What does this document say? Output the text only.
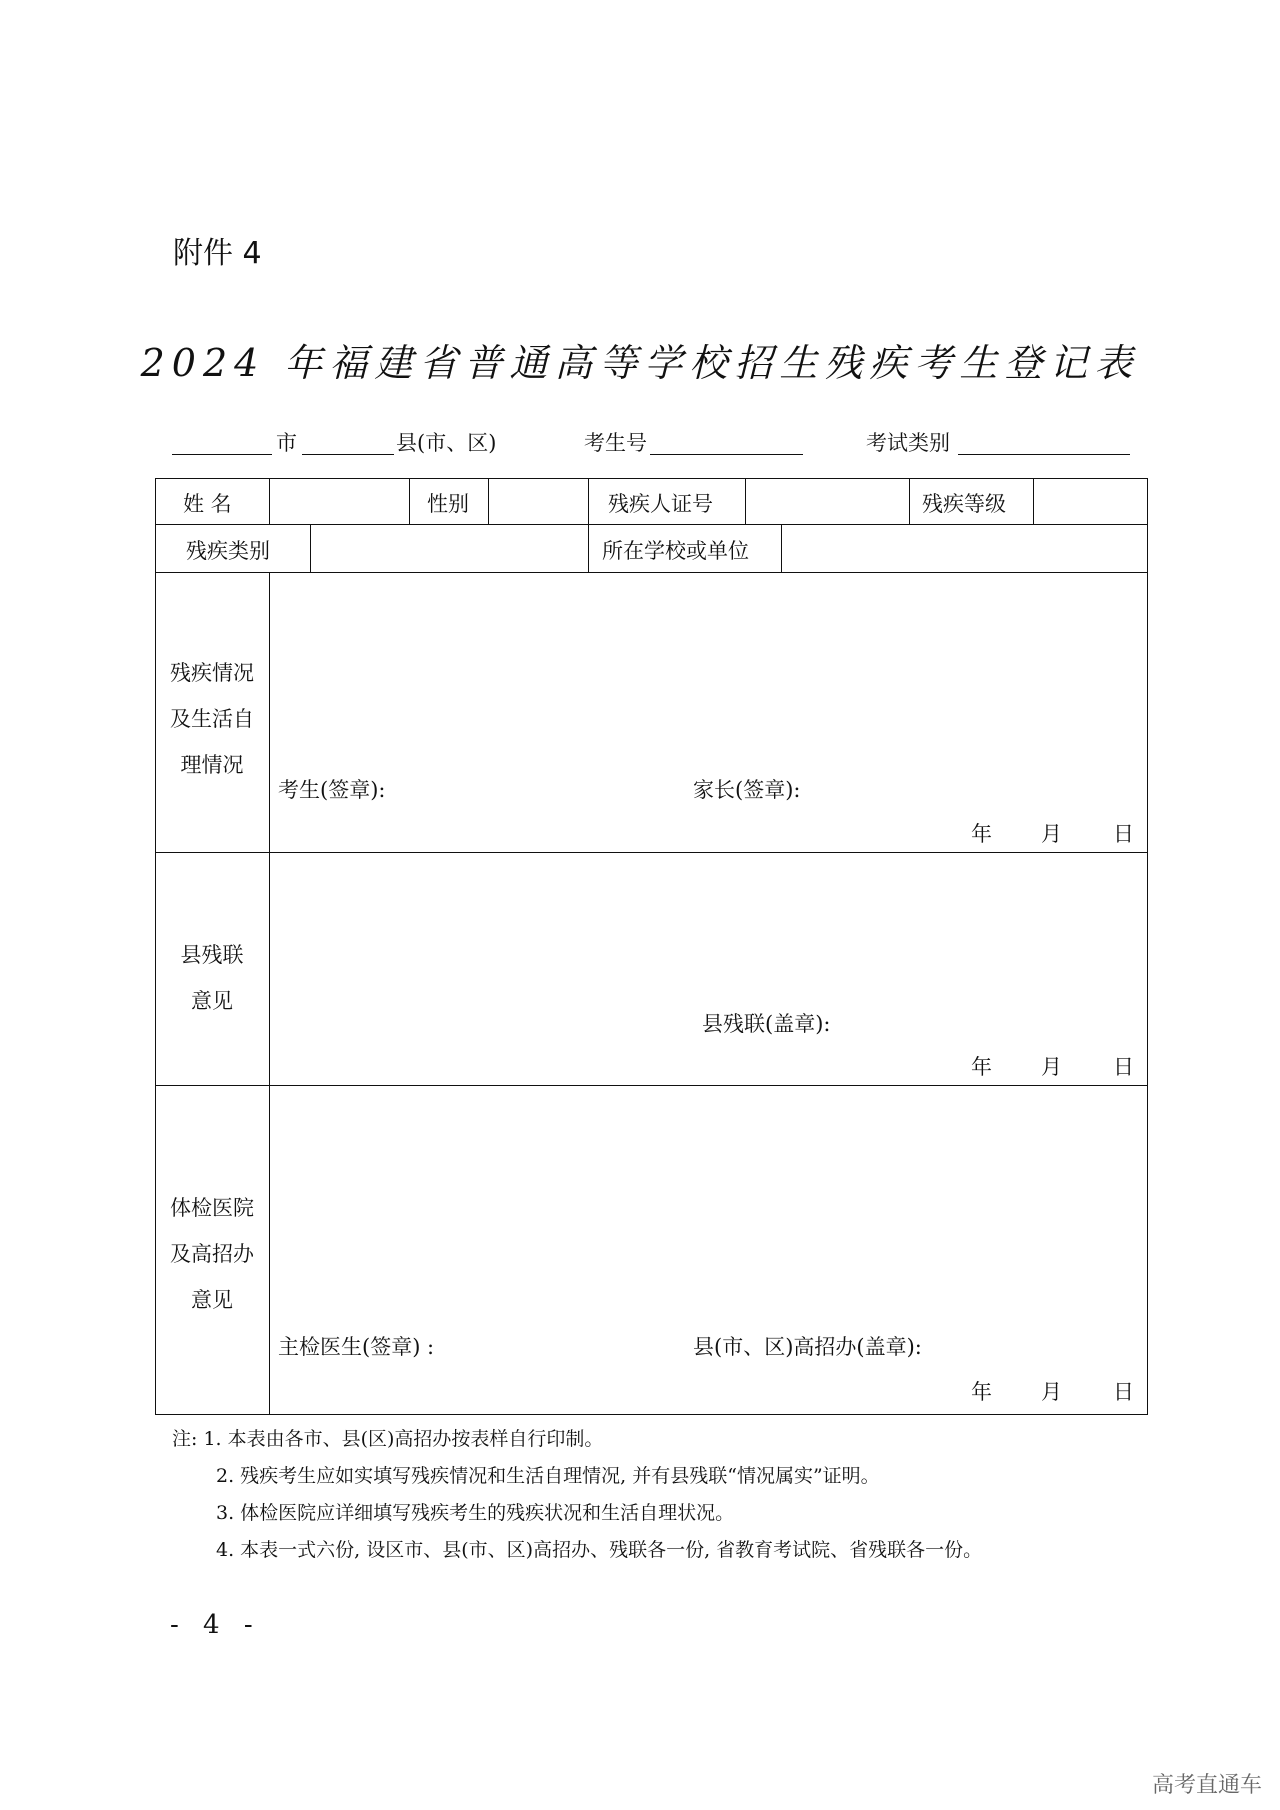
附件 4
2024 年福建省普通高等学校招生残疾考生登记表
市	县(市、区)	考生号	考试类别
姓 名	性别	残疾人证号	残疾等级
残疾类别	所在学校或单位
残疾情况
及生活自
理情况
考生(签章):	家长(签章):
年 月 日
县残联
意见
县残联(盖章):
年 月 日
体检医院
及高招办
意见
主检医生(签章) :	县(市、区)高招办(盖章):
年 月 日
注: 1. 本表由各市、县(区)高招办按表样自行印制。
2. 残疾考生应如实填写残疾情况和生活自理情况, 并有县残联“情况属实”证明。
3. 体检医院应详细填写残疾考生的残疾状况和生活自理状况。
4. 本表一式六份, 设区市、县(市、区)高招办、残联各一份, 省教育考试院、省残联各一份。
- 4 -
高考直通车
